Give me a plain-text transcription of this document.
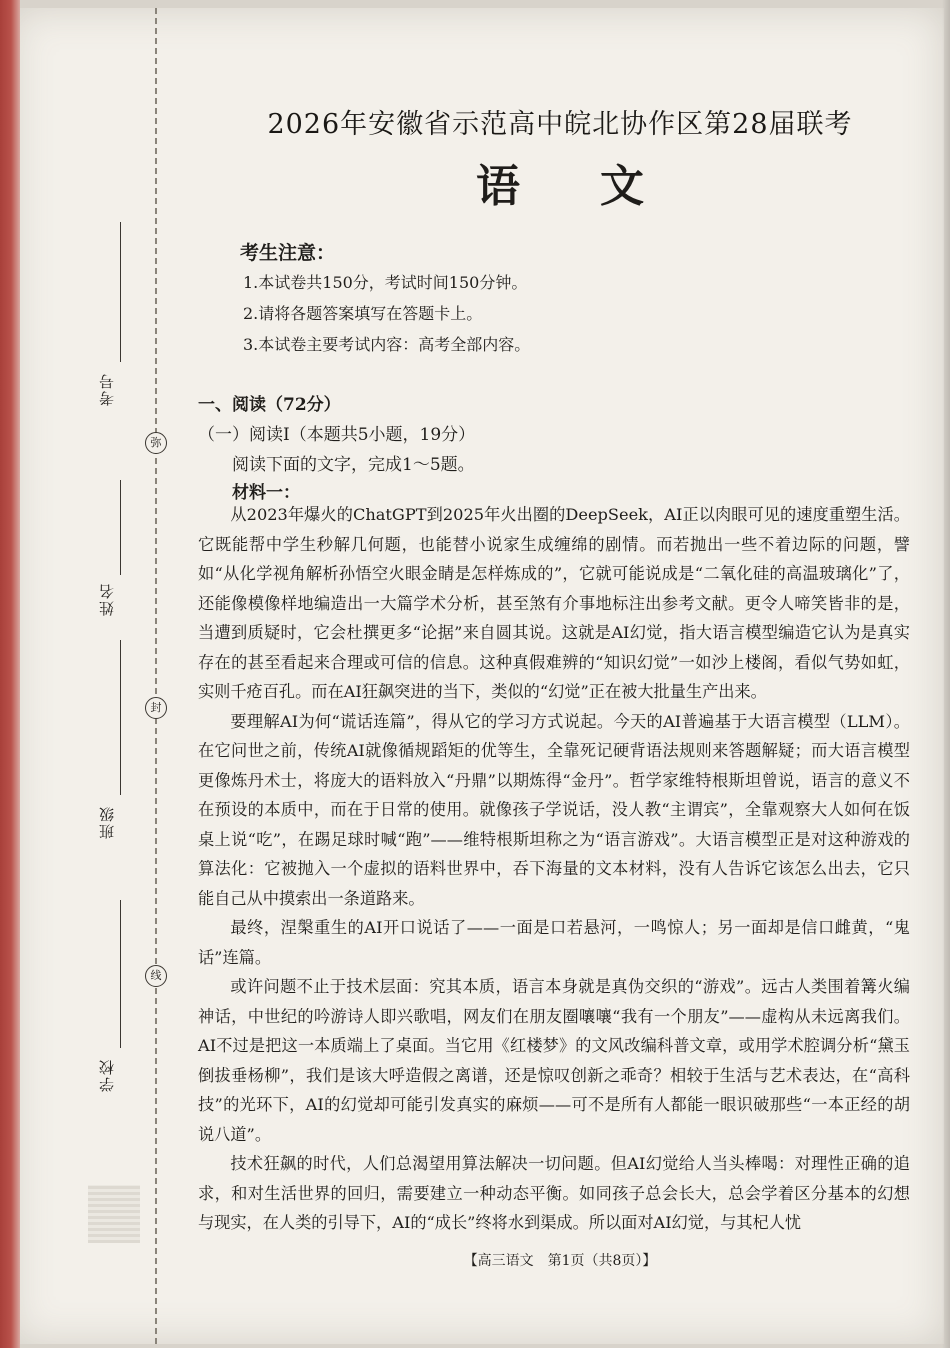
弥
封
线
考号
姓名
班级
学校
2026年安徽省示范高中皖北协作区第28届联考
语文
考生注意：
1.本试卷共150分，考试时间150分钟。
2.请将各题答案填写在答题卡上。
3.本试卷主要考试内容：高考全部内容。
一、阅读（72分）
（一）阅读Ⅰ（本题共5小题，19分）
阅读下面的文字，完成1～5题。
材料一：

从2023年爆火的ChatGPT到2025年火出圈的DeepSeek，AI正以肉眼可见的速度重塑生活。它既能帮中学生秒解几何题，也能替小说家生成缠绵的剧情。而若抛出一些不着边际的问题，譬如“从化学视角解析孙悟空火眼金睛是怎样炼成的”，它就可能说成是“二氧化硅的高温玻璃化”了，还能像模像样地编造出一大篇学术分析，甚至煞有介事地标注出参考文献。更令人啼笑皆非的是，当遭到质疑时，它会杜撰更多“论据”来自圆其说。这就是AI幻觉，指大语言模型编造它认为是真实存在的甚至看起来合理或可信的信息。这种真假难辨的“知识幻觉”一如沙上楼阁，看似气势如虹，实则千疮百孔。而在AI狂飙突进的当下，类似的“幻觉”正在被大批量生产出来。

要理解AI为何“谎话连篇”，得从它的学习方式说起。今天的AI普遍基于大语言模型（LLM）。在它问世之前，传统AI就像循规蹈矩的优等生，全靠死记硬背语法规则来答题解疑；而大语言模型更像炼丹术士，将庞大的语料放入“丹鼎”以期炼得“金丹”。哲学家维特根斯坦曾说，语言的意义不在预设的本质中，而在于日常的使用。就像孩子学说话，没人教“主谓宾”，全靠观察大人如何在饭桌上说“吃”，在踢足球时喊“跑”——维特根斯坦称之为“语言游戏”。大语言模型正是对这种游戏的算法化：它被抛入一个虚拟的语料世界中，吞下海量的文本材料，没有人告诉它该怎么出去，它只能自己从中摸索出一条道路来。

最终，涅槃重生的AI开口说话了——一面是口若悬河，一鸣惊人；另一面却是信口雌黄，“鬼话”连篇。

或许问题不止于技术层面：究其本质，语言本身就是真伪交织的“游戏”。远古人类围着篝火编神话，中世纪的吟游诗人即兴歌唱，网友们在朋友圈嚷嚷“我有一个朋友”——虚构从未远离我们。AI不过是把这一本质端上了桌面。当它用《红楼梦》的文风改编科普文章，或用学术腔调分析“黛玉倒拔垂杨柳”，我们是该大呼造假之离谱，还是惊叹创新之乖奇？相较于生活与艺术表达，在“高科技”的光环下，AI的幻觉却可能引发真实的麻烦——可不是所有人都能一眼识破那些“一本正经的胡说八道”。

技术狂飙的时代，人们总渴望用算法解决一切问题。但AI幻觉给人当头棒喝：对理性正确的追求，和对生活世界的回归，需要建立一种动态平衡。如同孩子总会长大，总会学着区分基本的幻想与现实，在人类的引导下，AI的“成长”终将水到渠成。所以面对AI幻觉，与其杞人忧

【高三语文　第1页（共8页）】
